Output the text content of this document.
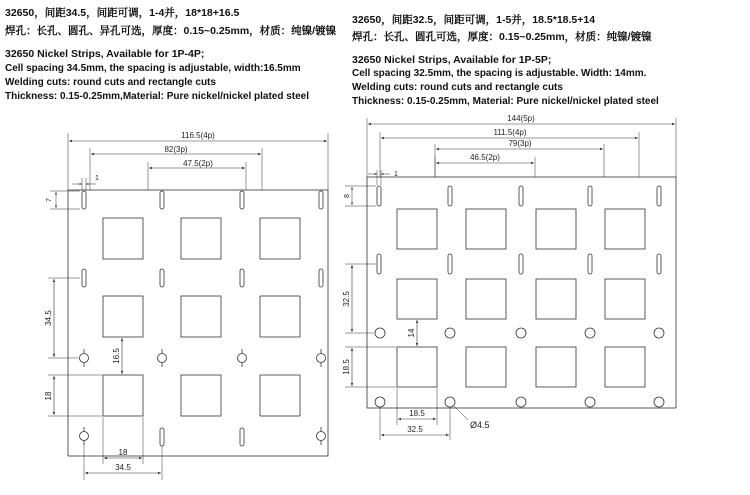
32650，间距34.5，间距可调，1-4并，18*18+16.5
焊孔：长孔、圆孔、异孔可选，厚度：0.15~0.25mm，材质：纯镍/镀镍
32650 Nickel Strips, Available for 1P-4P;
Cell spacing 34.5mm, the spacing is adjustable, width:16.5mm
Welding cuts: round cuts and rectangle cuts
Thickness: 0.15-0.25mm,Material: Pure nickel/nickel plated steel
32650，间距32.5，间距可调，1-5并，18.5*18.5+14
焊孔：长孔、圆孔可选，厚度：0.15~0.25mm，材质：纯镍/镀镍
32650 Nickel Strips, Available for 1P-5P;
Cell spacing 32.5mm, the spacing is adjustable. Width: 14mm.
Welding cuts: round cuts and rectangle cuts
Thickness: 0.15-0.25mm, Material: Pure nickel/nickel plated steel
116.5(4p)
82(3p)
47.5(2p)
1
7
34.5
16.5
18
18
34.5
144(5p)
111.5(4p)
79(3p)
46.5(2p)
1
8
32.5
14
18.5
18.5
32.5	Ø4.5
